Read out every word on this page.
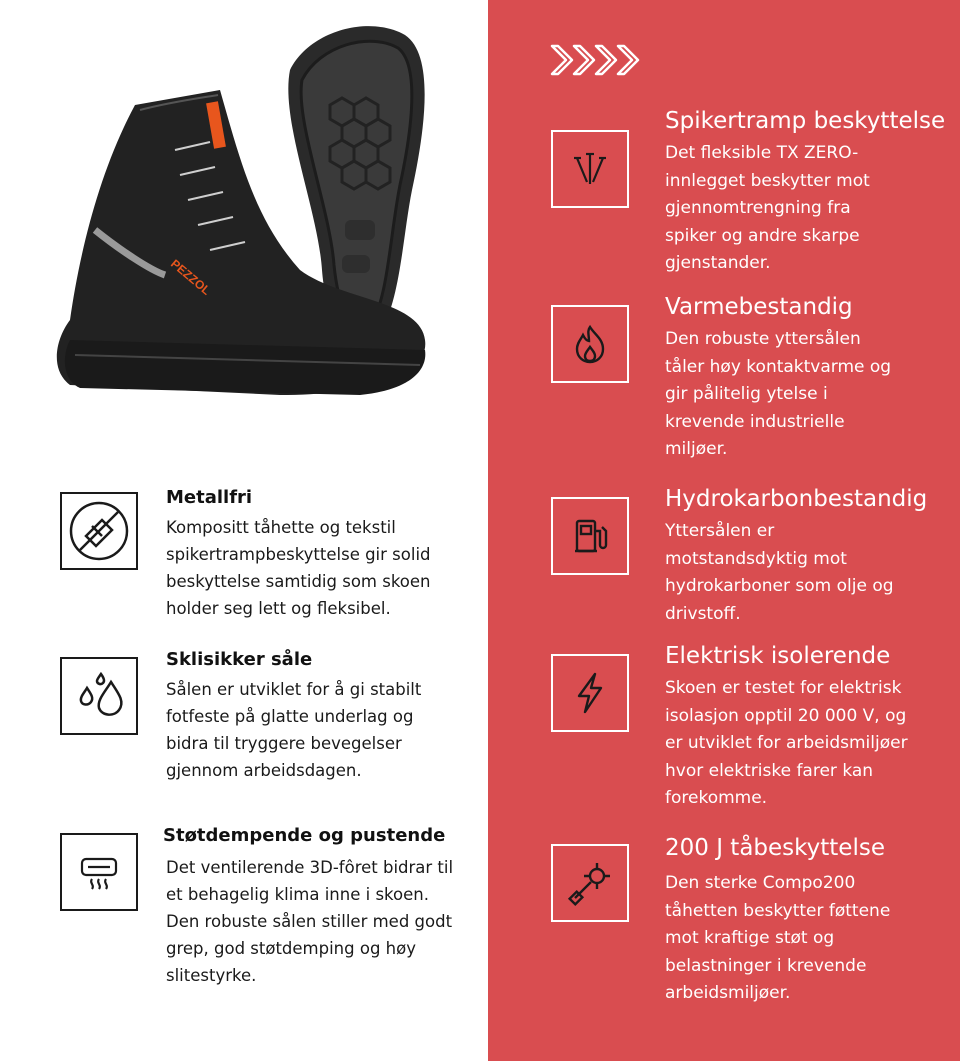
PEZZOL
Metallfri
Kompositt tåhette og tekstil spikertrampbeskyttelse gir solid beskyttelse samtidig som skoen holder seg lett og fleksibel.
Sklisikker såle
Sålen er utviklet for å gi stabilt fotfeste på glatte underlag og bidra til tryggere bevegelser gjennom arbeidsdagen.
Støtdempende og pustende
Det ventilerende 3D-fôret bidrar til et behagelig klima inne i skoen. Den robuste sålen stiller med godt grep, god støtdemping og høy slitestyrke.
Spikertramp beskyttelse
Det fleksible TX ZERO-innlegget beskytter mot gjennomtrengning fra spiker og andre skarpe gjenstander.
Varmebestandig
Den robuste yttersålen tåler høy kontaktvarme og gir pålitelig ytelse i krevende industrielle miljøer.
Hydrokarbonbestandig
Yttersålen er motstandsdyktig mot hydrokarboner som olje og drivstoff.
Elektrisk isolerende
Skoen er testet for elektrisk isolasjon opptil 20 000 V, og er utviklet for arbeidsmiljøer hvor elektriske farer kan forekomme.
200 J tåbeskyttelse
Den sterke Compo200 tåhetten beskytter føttene mot kraftige støt og belastninger i krevende arbeidsmiljøer.
